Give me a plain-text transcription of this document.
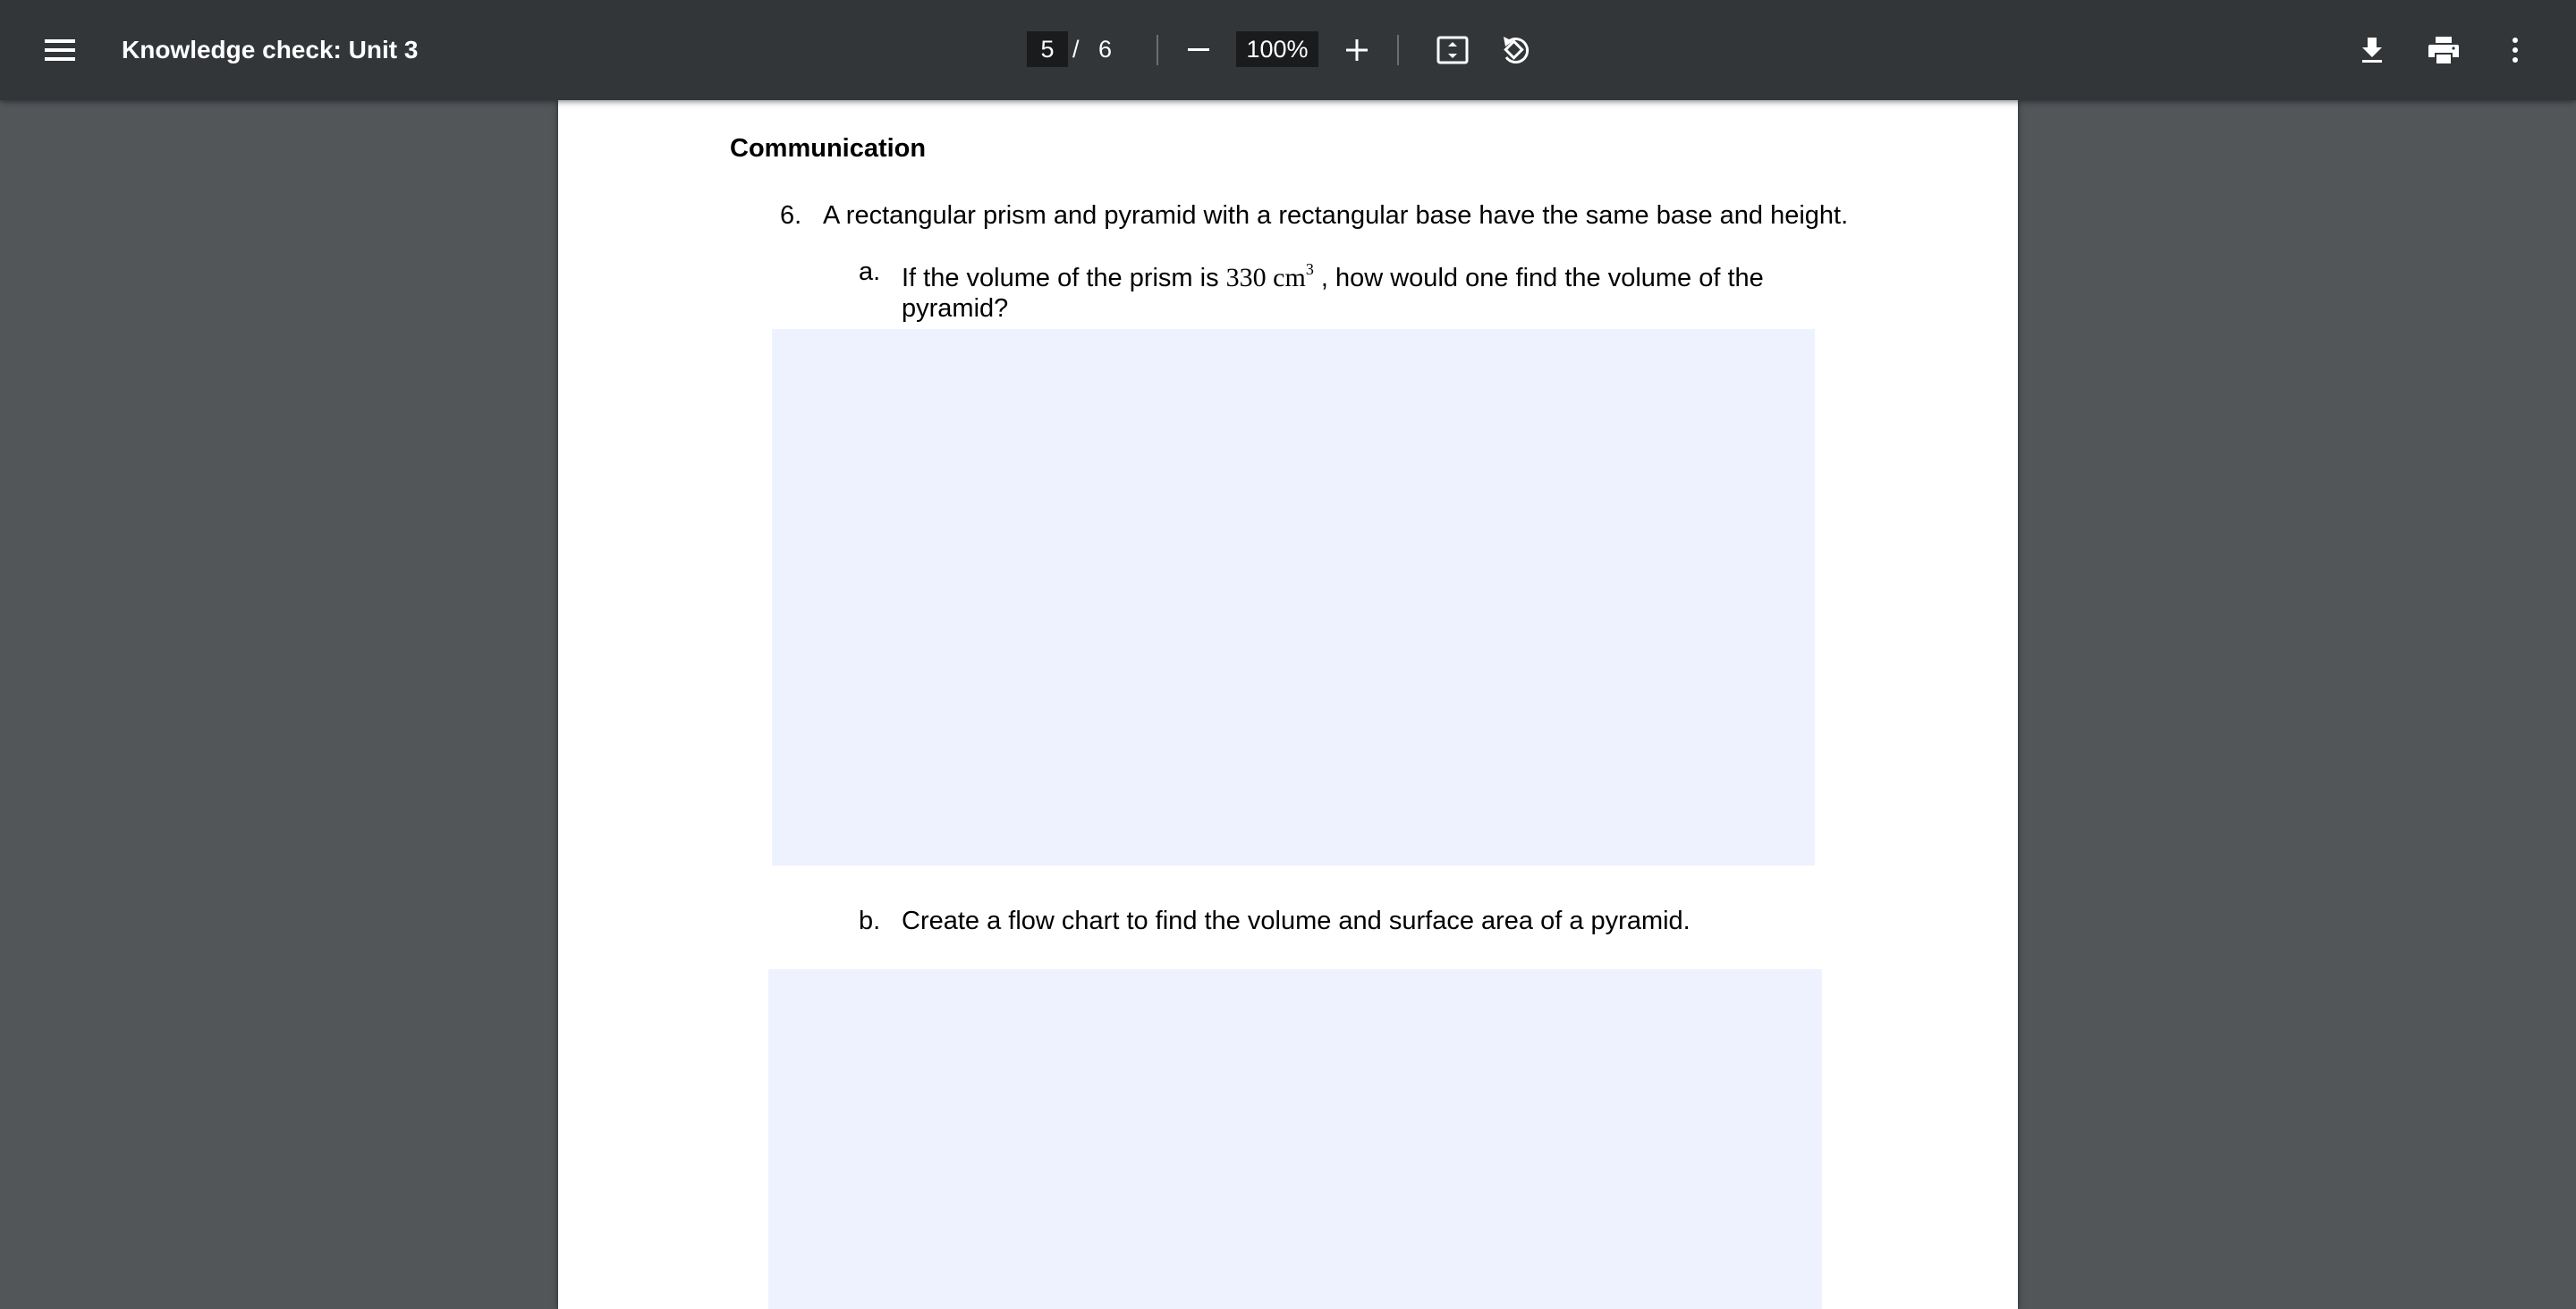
Knowledge check: Unit 3
5	/ 6
100%
Communication
6. A rectangular prism and pyramid with a rectangular base have the same base and height.
a. If the volume of the prism is 330 $cm^3$ , how would one find the volume of the pyramid?
b. Create a flow chart to find the volume and surface area of a pyramid.
